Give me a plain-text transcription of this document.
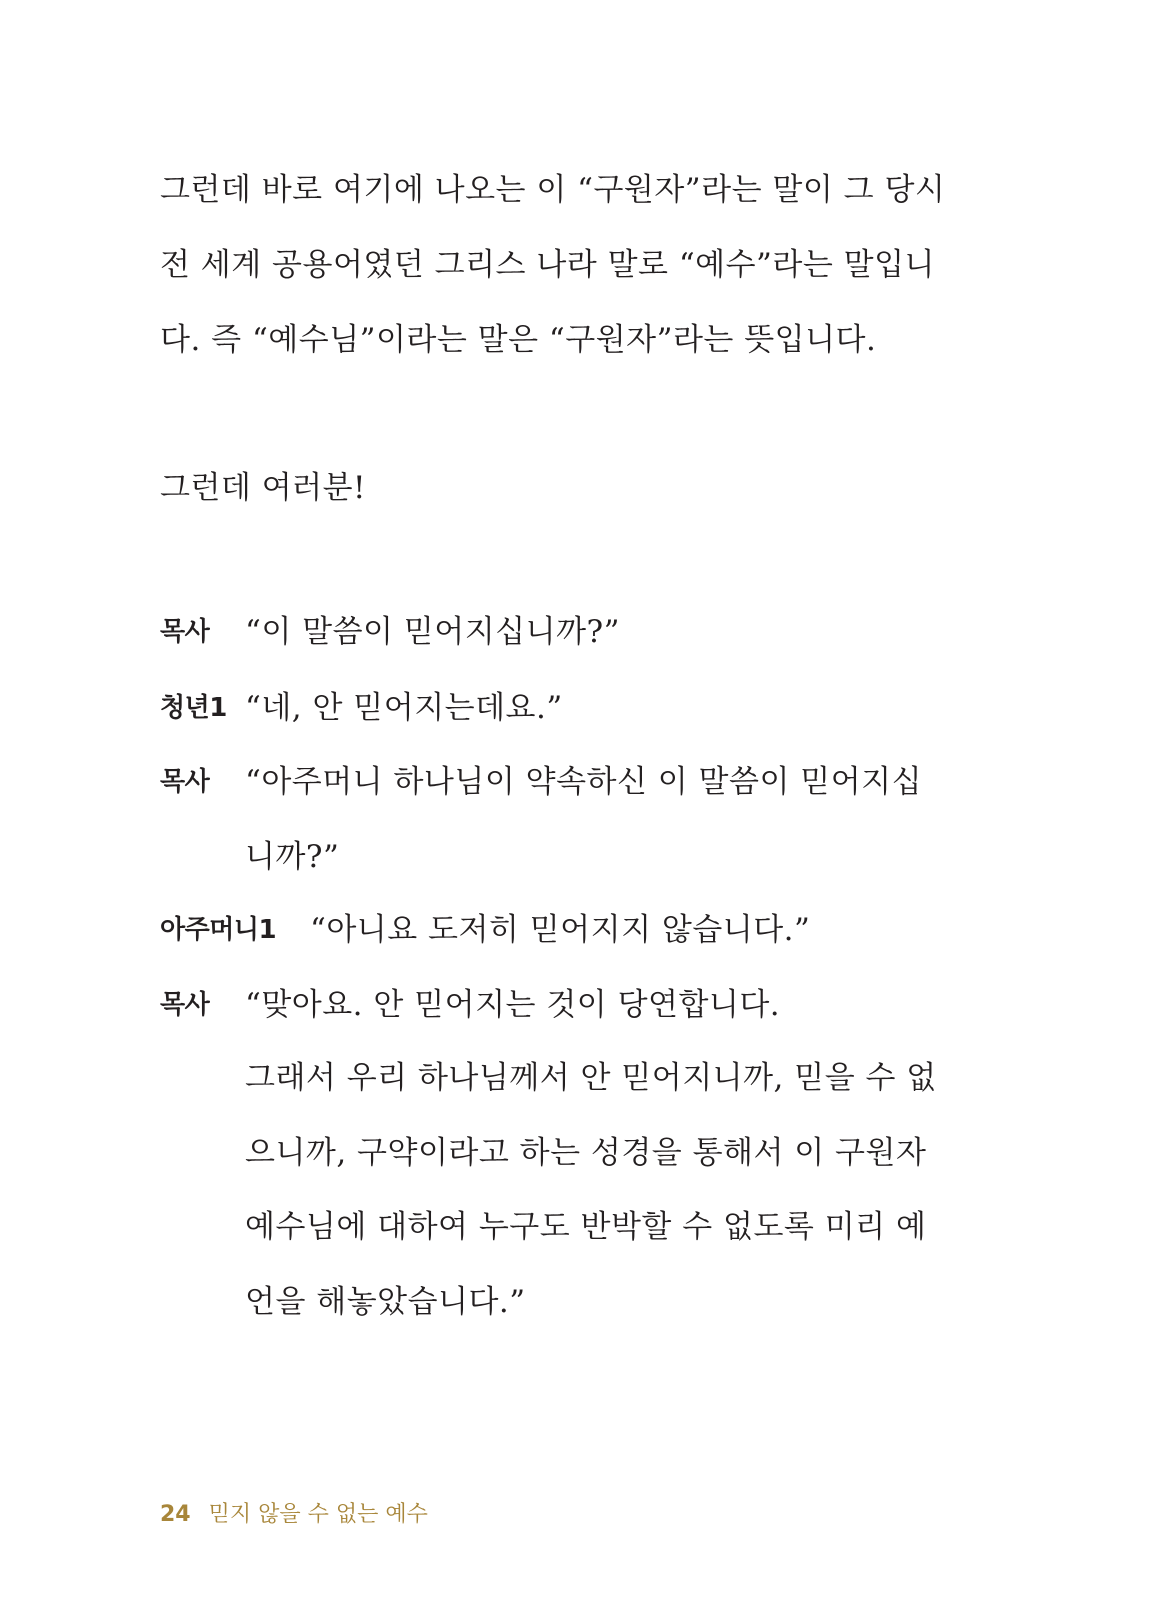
그런데 바로 여기에 나오는 이 “구원자”라는 말이 그 당시
전 세계 공용어였던 그리스 나라 말로 “예수”라는 말입니
다. 즉 “예수님”이라는 말은 “구원자”라는 뜻입니다.
그런데 여러분!
목사 “이 말씀이 믿어지십니까?”
청년1 “네, 안 믿어지는데요.”
목사 “아주머니 하나님이 약속하신 이 말씀이 믿어지십
니까?”
아주머니1 “아니요 도저히 믿어지지 않습니다.”
목사 “맞아요. 안 믿어지는 것이 당연합니다.
그래서 우리 하나님께서 안 믿어지니까, 믿을 수 없
으니까, 구약이라고 하는 성경을 통해서 이 구원자
예수님에 대하여 누구도 반박할 수 없도록 미리 예
언을 해놓았습니다.”
24 믿지 않을 수 없는 예수
